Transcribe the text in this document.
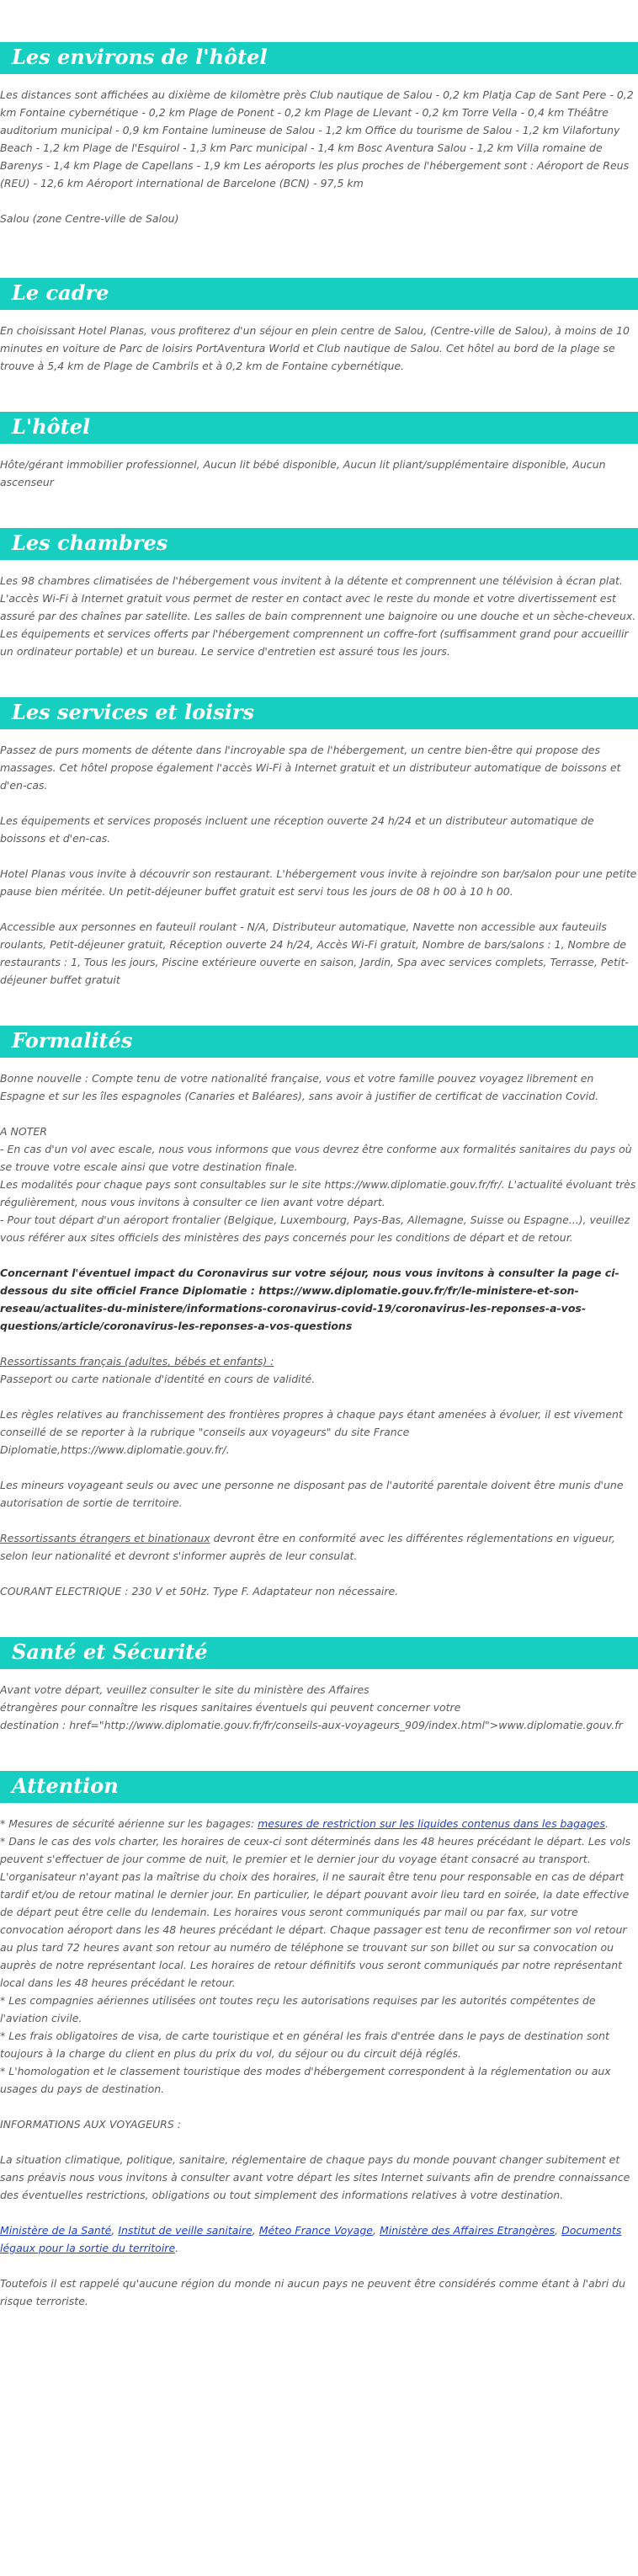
Les environs de l'hôtel

Les distances sont affichées au dixième de kilomètre près Club nautique de Salou - 0,2 km Platja Cap de Sant Pere - 0,2 km Fontaine cybernétique - 0,2 km Plage de Ponent - 0,2 km Plage de Llevant - 0,2 km Torre Vella - 0,4 km Théâtre auditorium municipal - 0,9 km Fontaine lumineuse de Salou - 1,2 km Office du tourisme de Salou - 1,2 km Vilafortuny Beach - 1,2 km Plage de l'Esquirol - 1,3 km Parc municipal - 1,4 km Bosc Aventura Salou - 1,2 km Villa romaine de Barenys - 1,4 km Plage de Capellans - 1,9 km Les aéroports les plus proches de l'hébergement sont : Aéroport de Reus (REU) - 12,6 km Aéroport international de Barcelone (BCN) - 97,5 km

Salou (zone Centre-ville de Salou)

Le cadre

En choisissant Hotel Planas, vous profiterez d'un séjour en plein centre de Salou, (Centre-ville de Salou), à moins de 10 minutes en voiture de Parc de loisirs PortAventura World et Club nautique de Salou. Cet hôtel au bord de la plage se trouve à 5,4 km de Plage de Cambrils et à 0,2 km de Fontaine cybernétique.

L'hôtel

Hôte/gérant immobilier professionnel, Aucun lit bébé disponible, Aucun lit pliant/supplémentaire disponible, Aucun ascenseur

Les chambres

Les 98 chambres climatisées de l'hébergement vous invitent à la détente et comprennent une télévision à écran plat. L'accès Wi-Fi à Internet gratuit vous permet de rester en contact avec le reste du monde et votre divertissement est assuré par des chaînes par satellite. Les salles de bain comprennent une baignoire ou une douche et un sèche-cheveux. Les équipements et services offerts par l'hébergement comprennent un coffre-fort (suffisamment grand pour accueillir un ordinateur portable) et un bureau. Le service d'entretien est assuré tous les jours.

Les services et loisirs

Passez de purs moments de détente dans l'incroyable spa de l'hébergement, un centre bien-être qui propose des massages. Cet hôtel propose également l'accès Wi-Fi à Internet gratuit et un distributeur automatique de boissons et d'en-cas.

Les équipements et services proposés incluent une réception ouverte 24 h/24 et un distributeur automatique de boissons et d'en-cas.

Hotel Planas vous invite à découvrir son restaurant. L'hébergement vous invite à rejoindre son bar/salon pour une petite pause bien méritée. Un petit-déjeuner buffet gratuit est servi tous les jours de 08 h 00 à 10 h 00.

Accessible aux personnes en fauteuil roulant - N/A, Distributeur automatique, Navette non accessible aux fauteuils roulants, Petit-déjeuner gratuit, Réception ouverte 24 h/24, Accès Wi-Fi gratuit, Nombre de bars/salons : 1, Nombre de restaurants : 1, Tous les jours, Piscine extérieure ouverte en saison, Jardin, Spa avec services complets, Terrasse, Petit-déjeuner buffet gratuit

Formalités

Bonne nouvelle : Compte tenu de votre nationalité française, vous et votre famille pouvez voyagez librement en Espagne et sur les îles espagnoles (Canaries et Baléares), sans avoir à justifier de certificat de vaccination Covid.

A NOTER
- En cas d'un vol avec escale, nous vous informons que vous devrez être conforme aux formalités sanitaires du pays où se trouve votre escale ainsi que votre destination finale.
Les modalités pour chaque pays sont consultables sur le site https://www.diplomatie.gouv.fr/fr/. L'actualité évoluant très régulièrement, nous vous invitons à consulter ce lien avant votre départ.
- Pour tout départ d'un aéroport frontalier (Belgique, Luxembourg, Pays-Bas, Allemagne, Suisse ou Espagne...), veuillez vous référer aux sites officiels des ministères des pays concernés pour les conditions de départ et de retour.

Concernant l'éventuel impact du Coronavirus sur votre séjour, nous vous invitons à consulter la page ci-dessous du site officiel France Diplomatie : https://www.diplomatie.gouv.fr/fr/le-ministere-et-son-reseau/actualites-du-ministere/informations-coronavirus-covid-19/coronavirus-les-reponses-a-vos-questions/article/coronavirus-les-reponses-a-vos-questions

Ressortissants français (adultes, bébés et enfants) :
Passeport ou carte nationale d'identité en cours de validité.

Les règles relatives au franchissement des frontières propres à chaque pays étant amenées à évoluer, il est vivement conseillé de se reporter à la rubrique "conseils aux voyageurs" du site France Diplomatie,https://www.diplomatie.gouv.fr/.

Les mineurs voyageant seuls ou avec une personne ne disposant pas de l'autorité parentale doivent être munis d'une autorisation de sortie de territoire.

Ressortissants étrangers et binationaux devront être en conformité avec les différentes réglementations en vigueur, selon leur nationalité et devront s'informer auprès de leur consulat.

COURANT ELECTRIQUE : 230 V et 50Hz. Type F. Adaptateur non nécessaire.

Santé et Sécurité

Avant votre départ, veuillez consulter le site du ministère des Affaires
étrangères pour connaître les risques sanitaires éventuels qui peuvent concerner votre
destination : href="http://www.diplomatie.gouv.fr/fr/conseils-aux-voyageurs_909/index.html">www.diplomatie.gouv.fr

Attention

* Mesures de sécurité aérienne sur les bagages: mesures de restriction sur les liquides contenus dans les bagages.
* Dans le cas des vols charter, les horaires de ceux-ci sont déterminés dans les 48 heures précédant le départ. Les vols peuvent s'effectuer de jour comme de nuit, le premier et le dernier jour du voyage étant consacré au transport. L'organisateur n'ayant pas la maîtrise du choix des horaires, il ne saurait être tenu pour responsable en cas de départ tardif et/ou de retour matinal le dernier jour. En particulier, le départ pouvant avoir lieu tard en soirée, la date effective de départ peut être celle du lendemain. Les horaires vous seront communiqués par mail ou par fax, sur votre convocation aéroport dans les 48 heures précédant le départ. Chaque passager est tenu de reconfirmer son vol retour au plus tard 72 heures avant son retour au numéro de téléphone se trouvant sur son billet ou sur sa convocation ou auprès de notre représentant local. Les horaires de retour définitifs vous seront communiqués par notre représentant local dans les 48 heures précédant le retour.
* Les compagnies aériennes utilisées ont toutes reçu les autorisations requises par les autorités compétentes de l'aviation civile.
* Les frais obligatoires de visa, de carte touristique et en général les frais d'entrée dans le pays de destination sont toujours à la charge du client en plus du prix du vol, du séjour ou du circuit déjà réglés.
* L'homologation et le classement touristique des modes d'hébergement correspondent à la réglementation ou aux usages du pays de destination.

INFORMATIONS AUX VOYAGEURS :

La situation climatique, politique, sanitaire, réglementaire de chaque pays du monde pouvant changer subitement et sans préavis nous vous invitons à consulter avant votre départ les sites Internet suivants afin de prendre connaissance des éventuelles restrictions, obligations ou tout simplement des informations relatives à votre destination.

Ministère de la Santé, Institut de veille sanitaire, Méteo France Voyage, Ministère des Affaires Etrangères, Documents légaux pour la sortie du territoire.

Toutefois il est rappelé qu'aucune région du monde ni aucun pays ne peuvent être considérés comme étant à l'abri du risque terroriste.
